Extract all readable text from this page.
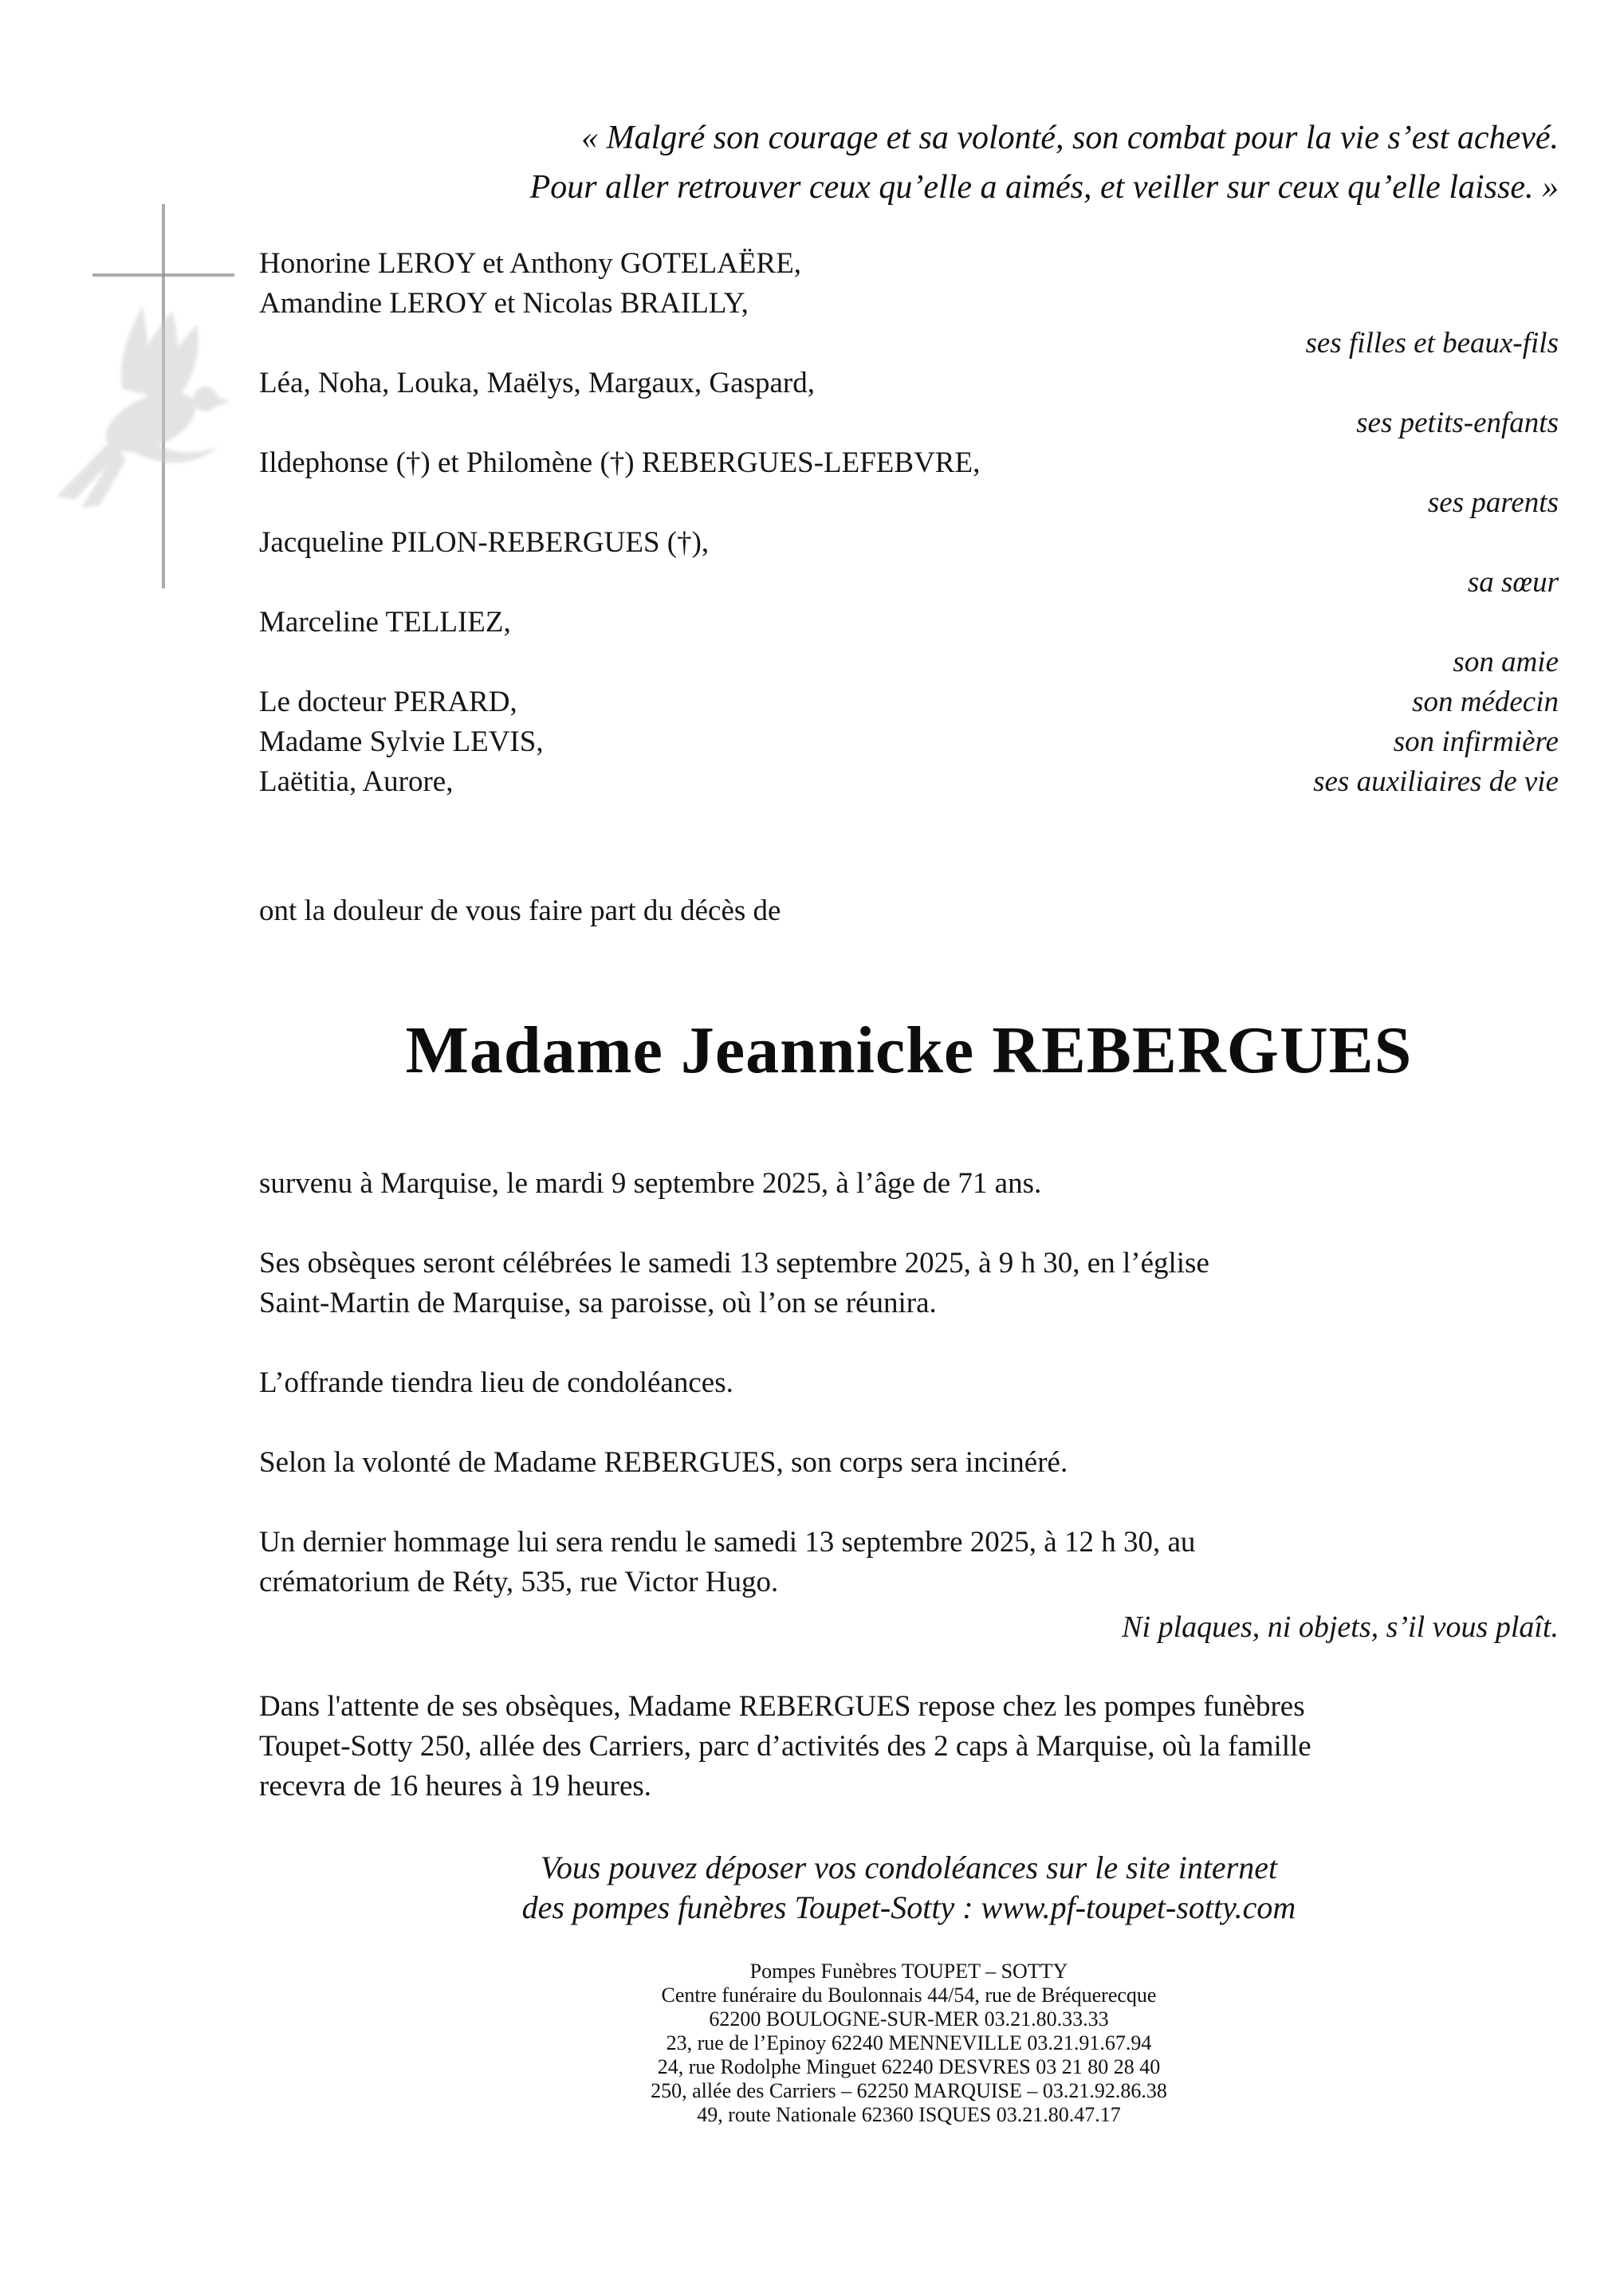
« Malgré son courage et sa volonté, son combat pour la vie s’est achevé.
Pour aller retrouver ceux qu’elle a aimés, et veiller sur ceux qu’elle laisse. »
Honorine LEROY et Anthony GOTELAËRE,
Amandine LEROY et Nicolas BRAILLY,
ses filles et beaux-fils
Léa, Noha, Louka, Maëlys, Margaux, Gaspard,
ses petits-enfants
Ildephonse (†) et Philomène (†) REBERGUES-LEFEBVRE,
ses parents
Jacqueline PILON-REBERGUES (†),
sa sœur
Marceline TELLIEZ,
son amie
Le docteur PERARD,	son médecin
Madame Sylvie LEVIS,	son infirmière
Laëtitia, Aurore,	ses auxiliaires de vie
ont la douleur de vous faire part du décès de
Madame Jeannicke REBERGUES
survenu à Marquise, le mardi 9 septembre 2025, à l’âge de 71 ans.
Ses obsèques seront célébrées le samedi 13 septembre 2025, à 9 h 30, en l’église
Saint-Martin de Marquise, sa paroisse, où l’on se réunira.
L’offrande tiendra lieu de condoléances.
Selon la volonté de Madame REBERGUES, son corps sera incinéré.
Un dernier hommage lui sera rendu le samedi 13 septembre 2025, à 12 h 30, au
crématorium de Réty, 535, rue Victor Hugo.
Ni plaques, ni objets, s’il vous plaît.
Dans l'attente de ses obsèques, Madame REBERGUES repose chez les pompes funèbres
Toupet-Sotty 250, allée des Carriers, parc d’activités des 2 caps à Marquise, où la famille
recevra de 16 heures à 19 heures.
Vous pouvez déposer vos condoléances sur le site internet
des pompes funèbres Toupet-Sotty : www.pf-toupet-sotty.com
Pompes Funèbres TOUPET – SOTTY
Centre funéraire du Boulonnais 44/54, rue de Bréquerecque
62200 BOULOGNE-SUR-MER 03.21.80.33.33
23, rue de l’Epinoy 62240 MENNEVILLE 03.21.91.67.94
24, rue Rodolphe Minguet 62240 DESVRES 03 21 80 28 40
250, allée des Carriers – 62250 MARQUISE – 03.21.92.86.38
49, route Nationale 62360 ISQUES 03.21.80.47.17
